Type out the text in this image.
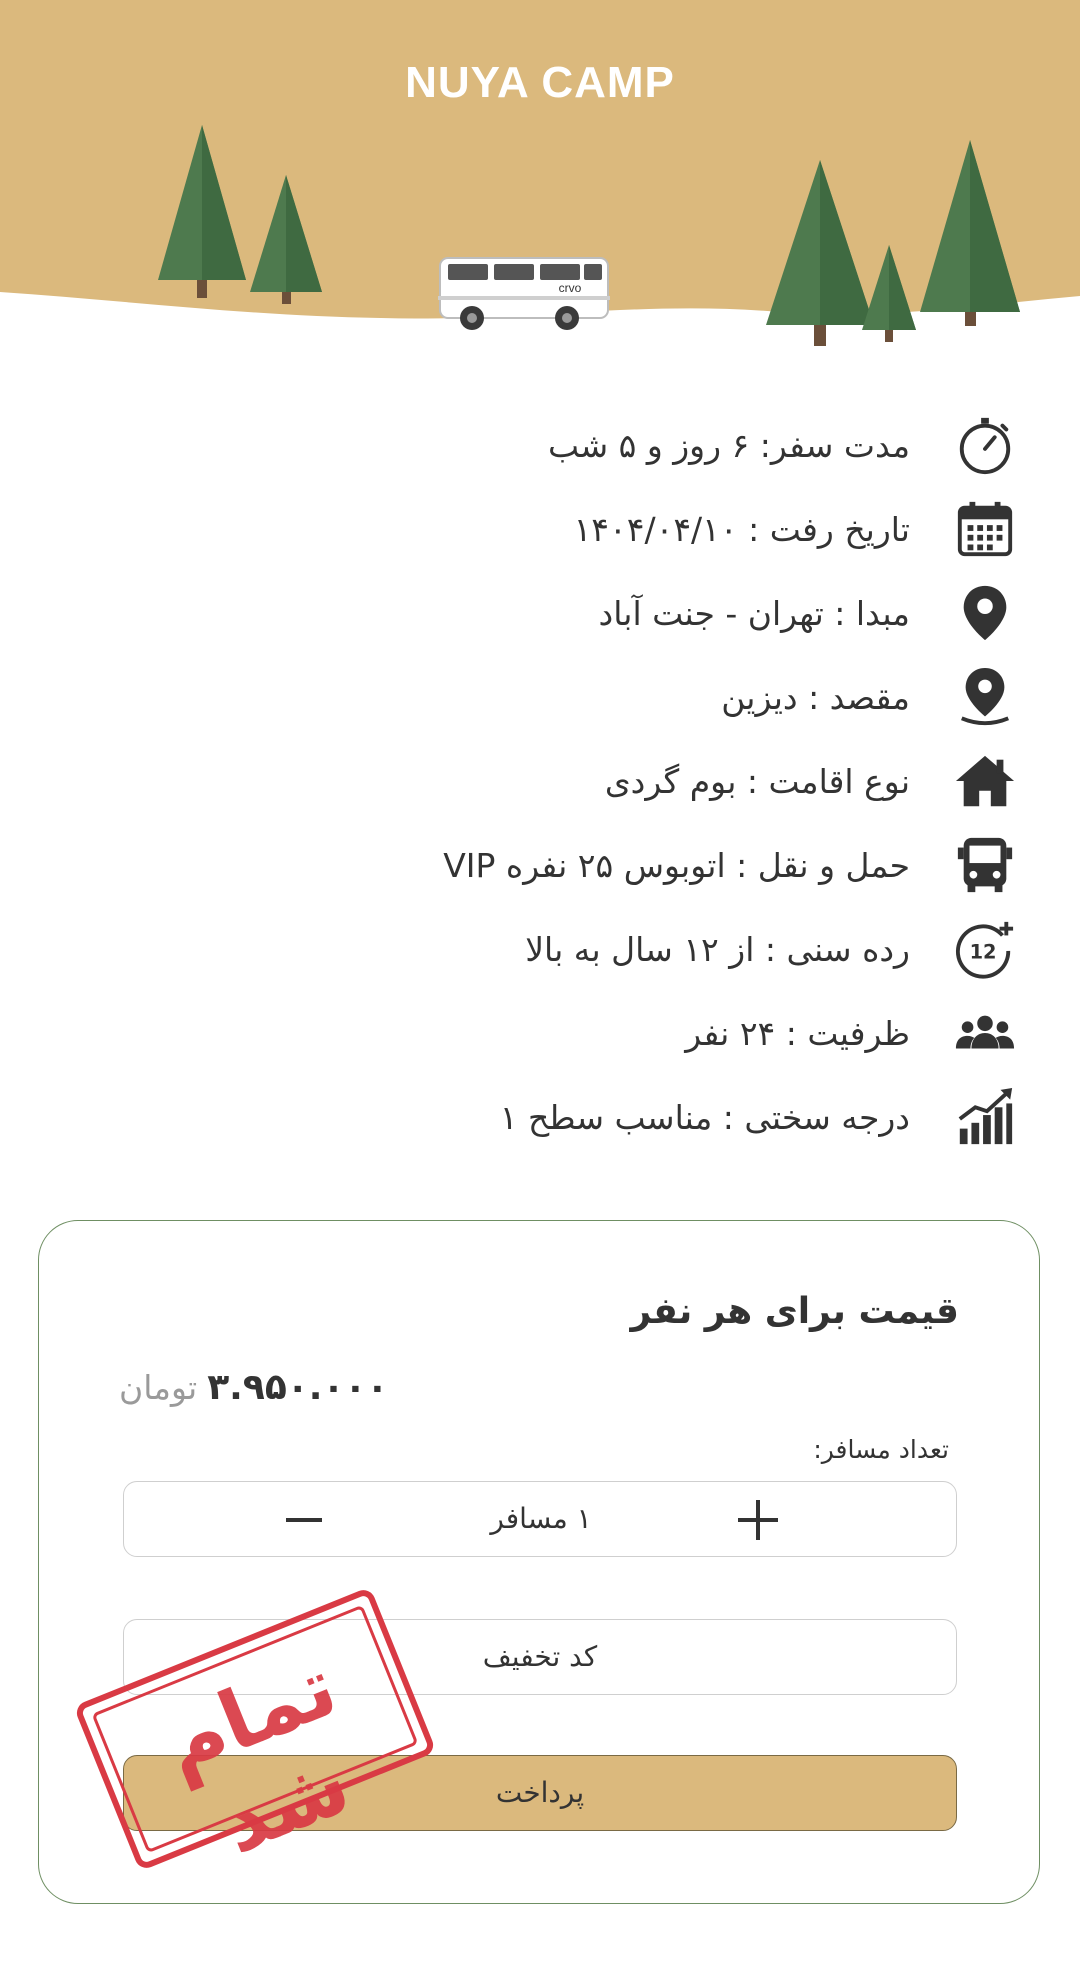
crvo
NUYA CAMP
مدت سفر: ۶ روز و ۵ شب
تاریخ رفت : ۱۴۰۴/۰۴/۱۰
مبدا : تهران - جنت آباد
مقصد : دیزین
نوع اقامت : بوم گردی
حمل و نقل : اتوبوس ۲۵ نفره VIP
رده سنی : از ۱۲ سال به بالا	12
ظرفیت : ۲۴ نفر
درجه سختی : مناسب سطح ۱
قیمت برای هر نفر
۳.۹۵۰.۰۰۰تومان
تعداد مسافر:
۱ مسافر
کد تخفیف
پرداخت
تمام شد
